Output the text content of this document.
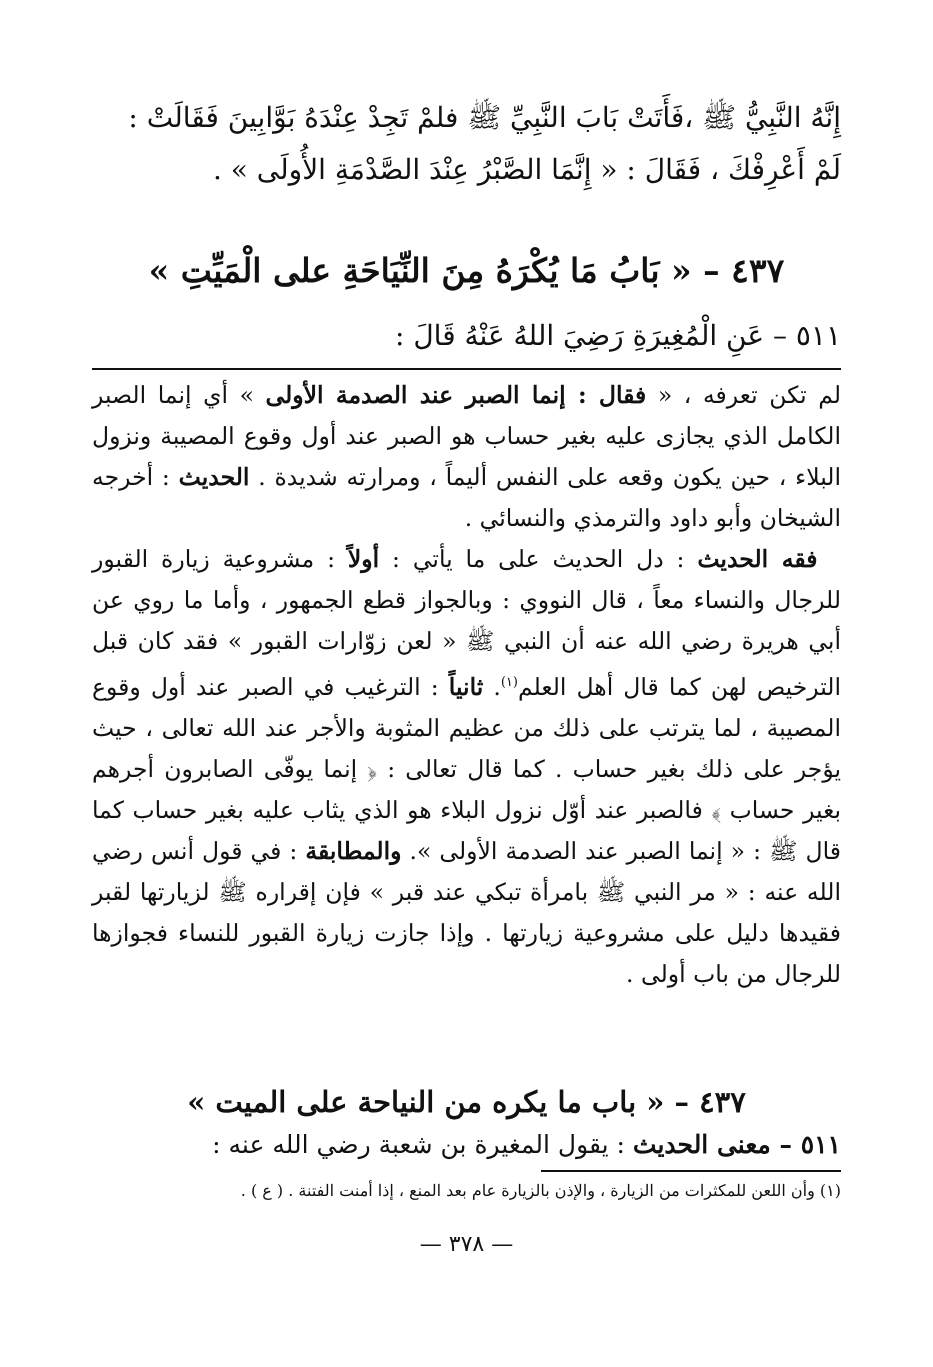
إِنَّهُ النَّبِيُّ ﷺ ،فَأَتَتْ بَابَ النَّبِيِّ ﷺ فلمْ تَجِدْ عِنْدَهُ بَوَّابِينَ فَقَالَتْ :

لَمْ أَعْرِفْكَ ، فَقَالَ : « إِنَّمَا الصَّبْرُ عِنْدَ الصَّدْمَةِ الأُولَى » .

٤٣٧ – « بَابُ مَا يُكْرَهُ مِنَ النِّيَاحَةِ على الْمَيِّتِ »
٥١١ – عَنِ الْمُغِيرَةِ رَضِيَ اللهُ عَنْهُ قَالَ :

لم تكن تعرفه ، « فقال : إنما الصبر عند الصدمة الأولى » أي إنما الصبر الكامل الذي يجازى عليه بغير حساب هو الصبر عند أول وقوع المصيبة ونزول البلاء ، حين يكون وقعه على النفس أليماً ، ومرارته شديدة . الحديث : أخرجه الشيخان وأبو داود والترمذي والنسائي .

 فقه الحديث : دل الحديث على ما يأتي : أولاً : مشروعية زيارة القبور للرجال والنساء معاً ، قال النووي : وبالجواز قطع الجمهور ، وأما ما روي عن أبي هريرة رضي الله عنه أن النبي ﷺ « لعن زوّارات القبور » فقد كان قبل الترخيص لهن كما قال أهل العلم$^{(١)}$. ثانياً : الترغيب في الصبر عند أول وقوع المصيبة ، لما يترتب على ذلك من عظيم المثوبة والأجر عند الله تعالى ، حيث يؤجر على ذلك بغير حساب . كما قال تعالى : ﴿ إنما يوفّى الصابرون أجرهم بغير حساب ﴾ فالصبر عند أوّل نزول البلاء هو الذي يثاب عليه بغير حساب كما قال ﷺ : « إنما الصبر عند الصدمة الأولى ». والمطابقة : في قول أنس رضي الله عنه : « مر النبي ﷺ بامرأة تبكي عند قبر » فإن إقراره ﷺ لزيارتها لقبر فقيدها دليل على مشروعية زيارتها . وإذا جازت زيارة القبور للنساء فجوازها للرجال من باب أولى .

٤٣٧ – « باب ما يكره من النياحة على الميت »
٥١١ – معنى الحديث : يقول المغيرة بن شعبة رضي الله عنه :
(١) وأن اللعن للمكثرات من الزيارة ، والإذن بالزيارة عام بعد المنع ، إذا أمنت الفتنة . ( ع ) .
— ٣٧٨ —
